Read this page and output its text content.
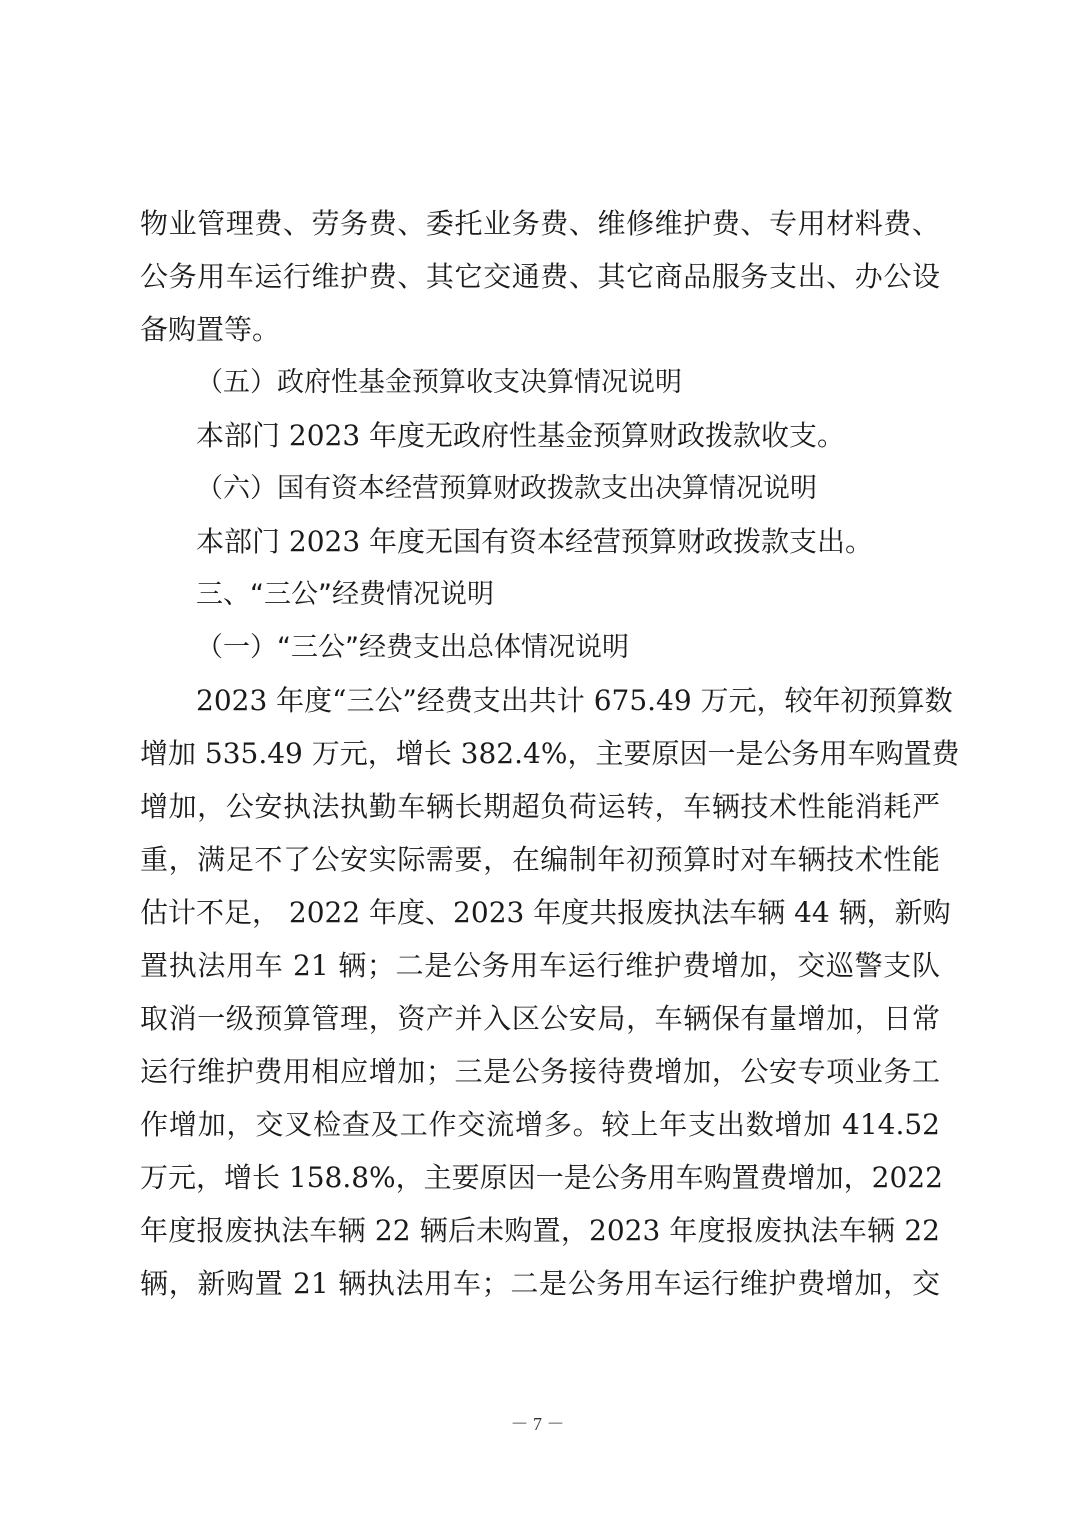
物业管理费、劳务费、委托业务费、维修维护费、专用材料费、
公务用车运行维护费、其它交通费、其它商品服务支出、办公设
备购置等。
（五）政府性基金预算收支决算情况说明
本部门 2023 年度无政府性基金预算财政拨款收支。
（六）国有资本经营预算财政拨款支出决算情况说明
本部门 2023 年度无国有资本经营预算财政拨款支出。
三、“三公”经费情况说明
（一）“三公”经费支出总体情况说明
2023 年度“三公”经费支出共计 675.49 万元，较年初预算数
增加 535.49 万元，增长 382.4%，主要原因一是公务用车购置费
增加，公安执法执勤车辆长期超负荷运转，车辆技术性能消耗严
重，满足不了公安实际需要，在编制年初预算时对车辆技术性能
估计不足， 2022 年度、2023 年度共报废执法车辆 44 辆，新购
置执法用车 21 辆；二是公务用车运行维护费增加，交巡警支队
取消一级预算管理，资产并入区公安局，车辆保有量增加，日常
运行维护费用相应增加；三是公务接待费增加，公安专项业务工
作增加，交叉检查及工作交流增多。较上年支出数增加 414.52
万元，增长 158.8%，主要原因一是公务用车购置费增加，2022
年度报废执法车辆 22 辆后未购置，2023 年度报废执法车辆 22
辆，新购置 21 辆执法用车；二是公务用车运行维护费增加，交
－ 7 －
